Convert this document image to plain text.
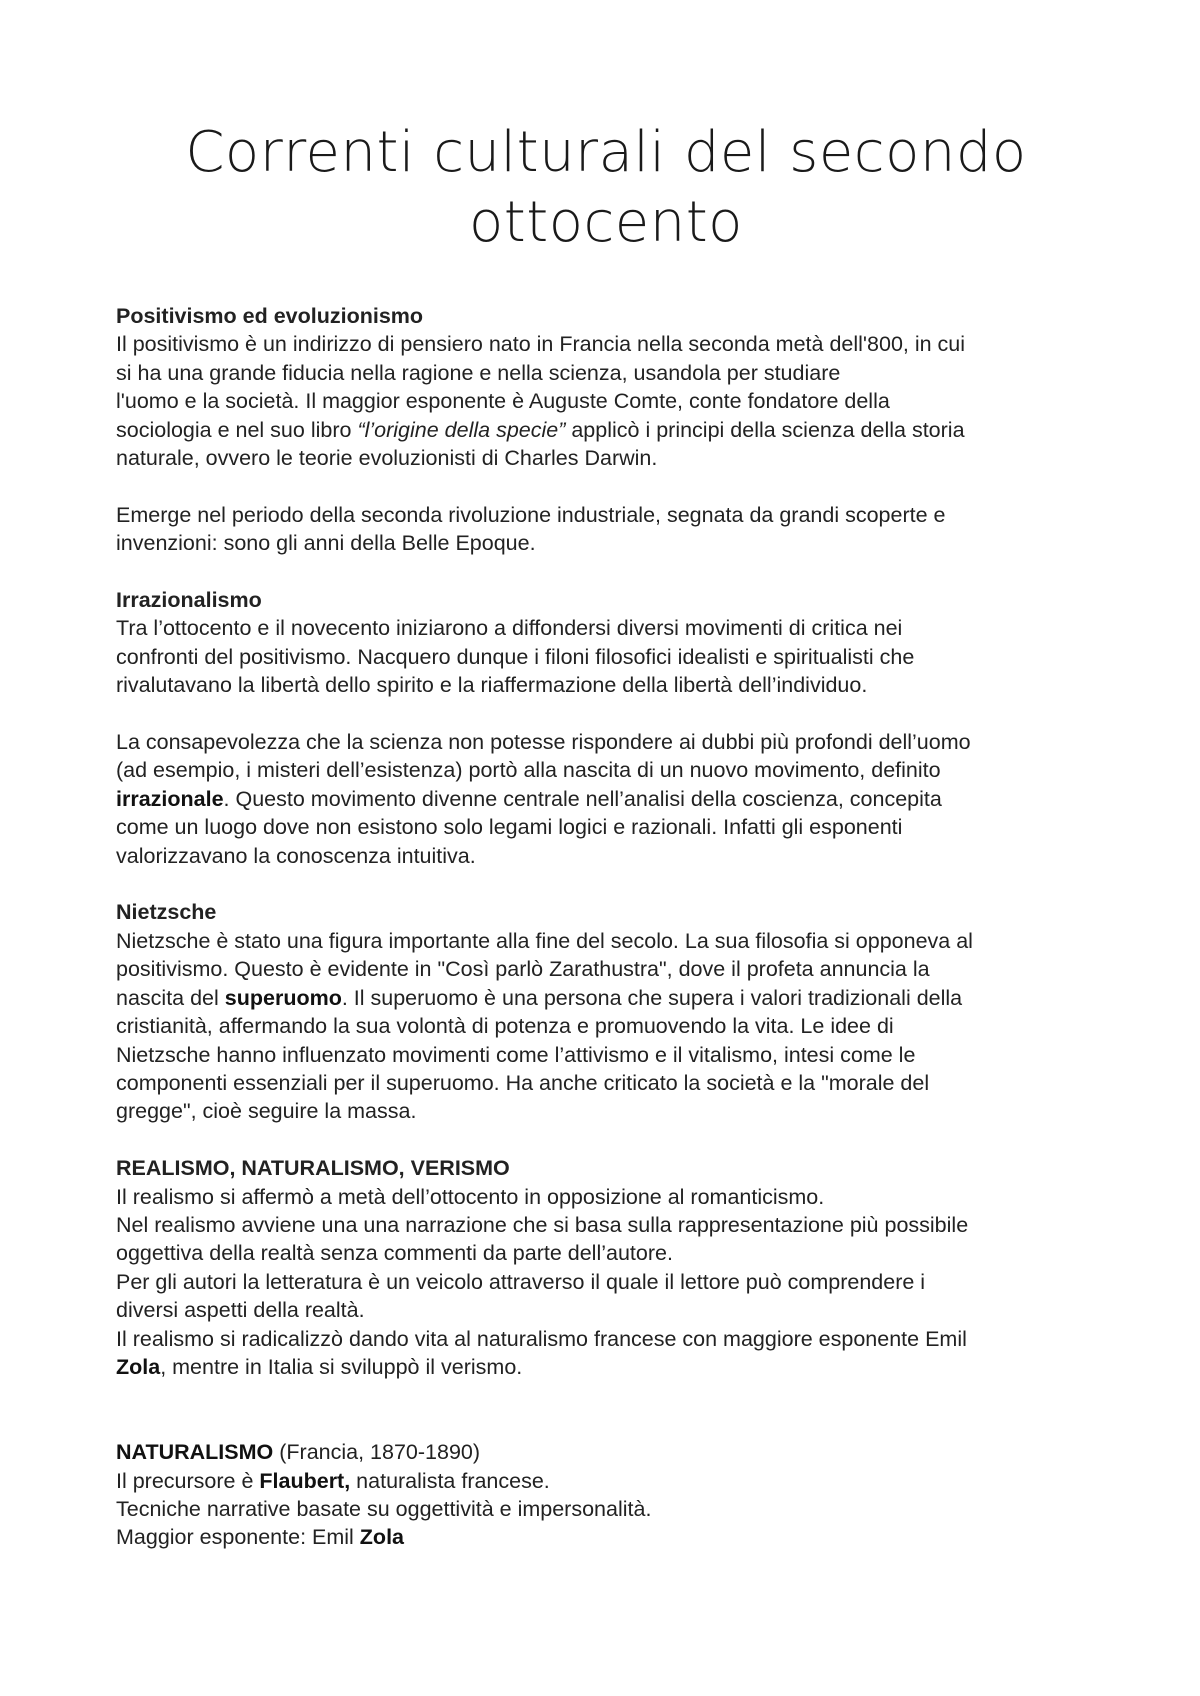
Correnti culturali del secondo
ottocento
Positivismo ed evoluzionismo
Il positivismo è un indirizzo di pensiero nato in Francia nella seconda metà dell'800, in cui
si ha una grande fiducia nella ragione e nella scienza, usandola per studiare
l'uomo e la società. Il maggior esponente è Auguste Comte, conte fondatore della
sociologia e nel suo libro “l’origine della specie” applicò i principi della scienza della storia
naturale, ovvero le teorie evoluzionisti di Charles Darwin.
Emerge nel periodo della seconda rivoluzione industriale, segnata da grandi scoperte e
invenzioni: sono gli anni della Belle Epoque.
Irrazionalismo
Tra l’ottocento e il novecento iniziarono a diffondersi diversi movimenti di critica nei
confronti del positivismo. Nacquero dunque i filoni filosofici idealisti e spiritualisti che
rivalutavano la libertà dello spirito e la riaffermazione della libertà dell’individuo.
La consapevolezza che la scienza non potesse rispondere ai dubbi più profondi dell’uomo
(ad esempio, i misteri dell’esistenza) portò alla nascita di un nuovo movimento, definito
irrazionale. Questo movimento divenne centrale nell’analisi della coscienza, concepita
come un luogo dove non esistono solo legami logici e razionali. Infatti gli esponenti
valorizzavano la conoscenza intuitiva.
Nietzsche
Nietzsche è stato una figura importante alla fine del secolo. La sua filosofia si opponeva al
positivismo. Questo è evidente in "Così parlò Zarathustra", dove il profeta annuncia la
nascita del superuomo. Il superuomo è una persona che supera i valori tradizionali della
cristianità, affermando la sua volontà di potenza e promuovendo la vita. Le idee di
Nietzsche hanno influenzato movimenti come l’attivismo e il vitalismo, intesi come le
componenti essenziali per il superuomo. Ha anche criticato la società e la "morale del
gregge", cioè seguire la massa.
REALISMO, NATURALISMO, VERISMO
Il realismo si affermò a metà dell’ottocento in opposizione al romanticismo.
Nel realismo avviene una una narrazione che si basa sulla rappresentazione più possibile
oggettiva della realtà senza commenti da parte dell’autore.
Per gli autori la letteratura è un veicolo attraverso il quale il lettore può comprendere i
diversi aspetti della realtà.
Il realismo si radicalizzò dando vita al naturalismo francese con maggiore esponente Emil
Zola, mentre in Italia si sviluppò il verismo.
NATURALISMO (Francia, 1870-1890)
Il precursore è Flaubert, naturalista francese.
Tecniche narrative basate su oggettività e impersonalità.
Maggior esponente: Emil Zola
